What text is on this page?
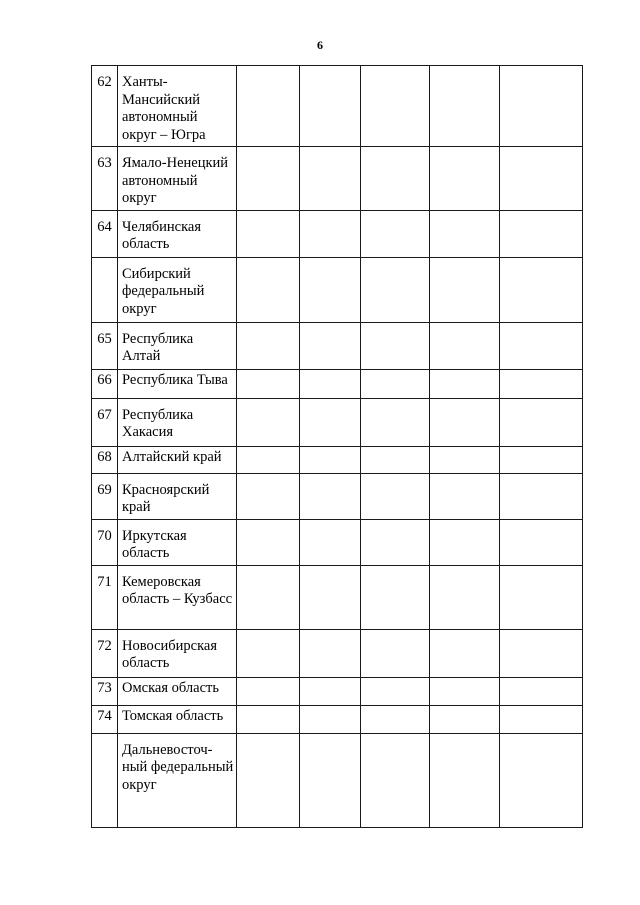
6
62	Ханты-Мансийский автономный округ – Югра					
63	Ямало-Ненецкий автономный округ					
64	Челябинская область					
	Сибирский федеральный округ					
65	Республика Алтай					
66	Республика Тыва					
67	Республика Хакасия					
68	Алтайский край					
69	Красноярский край					
70	Иркутская область					
71	Кемеровская область – Кузбасс					
72	Новосибирская область					
73	Омская область					
74	Томская область					
	Дальневосточ-ный федеральный округ					
